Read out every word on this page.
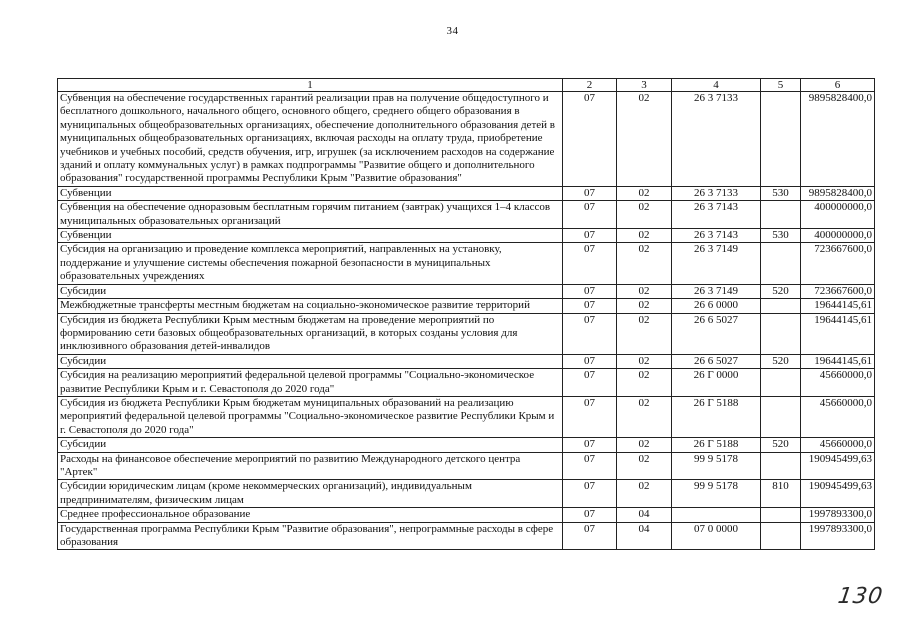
34
1	2	3	4	5	6
Субвенция на обеспечение государственных гарантий реализации прав на получение общедоступного и бесплатного дошкольного, начального общего, основного общего, среднего общего образования в муниципальных общеобразовательных организациях, обеспечение дополнительного образования детей в муниципальных общеобразовательных организациях, включая расходы на оплату труда, приобретение учебников и учебных пособий, средств обучения, игр, игрушек (за исключением расходов на содержание зданий и оплату коммунальных услуг) в рамках подпрограммы "Развитие общего и дополнительного образования" государственной программы Республики Крым "Развитие образования"	07	02	26 3 7133		9895828400,0
Субвенции	07	02	26 3 7133	530	9895828400,0
Субвенция на обеспечение одноразовым бесплатным горячим питанием (завтрак) учащихся 1–4 классов муниципальных образовательных организаций	07	02	26 3 7143		400000000,0
Субвенции	07	02	26 3 7143	530	400000000,0
Субсидия на организацию и проведение комплекса мероприятий, направленных на установку, поддержание и улучшение системы обеспечения пожарной безопасности в муниципальных образовательных учреждениях	07	02	26 3 7149		723667600,0
Субсидии	07	02	26 3 7149	520	723667600,0
Межбюджетные трансферты местным бюджетам на социально-экономическое развитие территорий	07	02	26 6 0000		19644145,61
Субсидия из бюджета Республики Крым местным бюджетам на проведение мероприятий по формированию сети базовых общеобразовательных организаций, в которых созданы условия для инклюзивного образования детей-инвалидов	07	02	26 6 5027		19644145,61
Субсидии	07	02	26 6 5027	520	19644145,61
Субсидия на реализацию мероприятий федеральной целевой программы "Социально-экономическое развитие Республики Крым и г. Севастополя до 2020 года"	07	02	26 Г 0000		45660000,0
Субсидия из бюджета Республики Крым бюджетам муниципальных образований на реализацию мероприятий федеральной целевой программы "Социально-экономическое развитие Республики Крым и г. Севастополя до 2020 года"	07	02	26 Г 5188		45660000,0
Субсидии	07	02	26 Г 5188	520	45660000,0
Расходы на финансовое обеспечение мероприятий по развитию Международного детского центра "Артек"	07	02	99 9 5178		190945499,63
Субсидии юридическим лицам (кроме некоммерческих организаций), индивидуальным предпринимателям, физическим лицам	07	02	99 9 5178	810	190945499,63
Среднее профессиональное образование	07	04			1997893300,0
Государственная программа Республики Крым "Развитие образования", непрограммные расходы в сфере образования	07	04	07 0 0000		1997893300,0
130
